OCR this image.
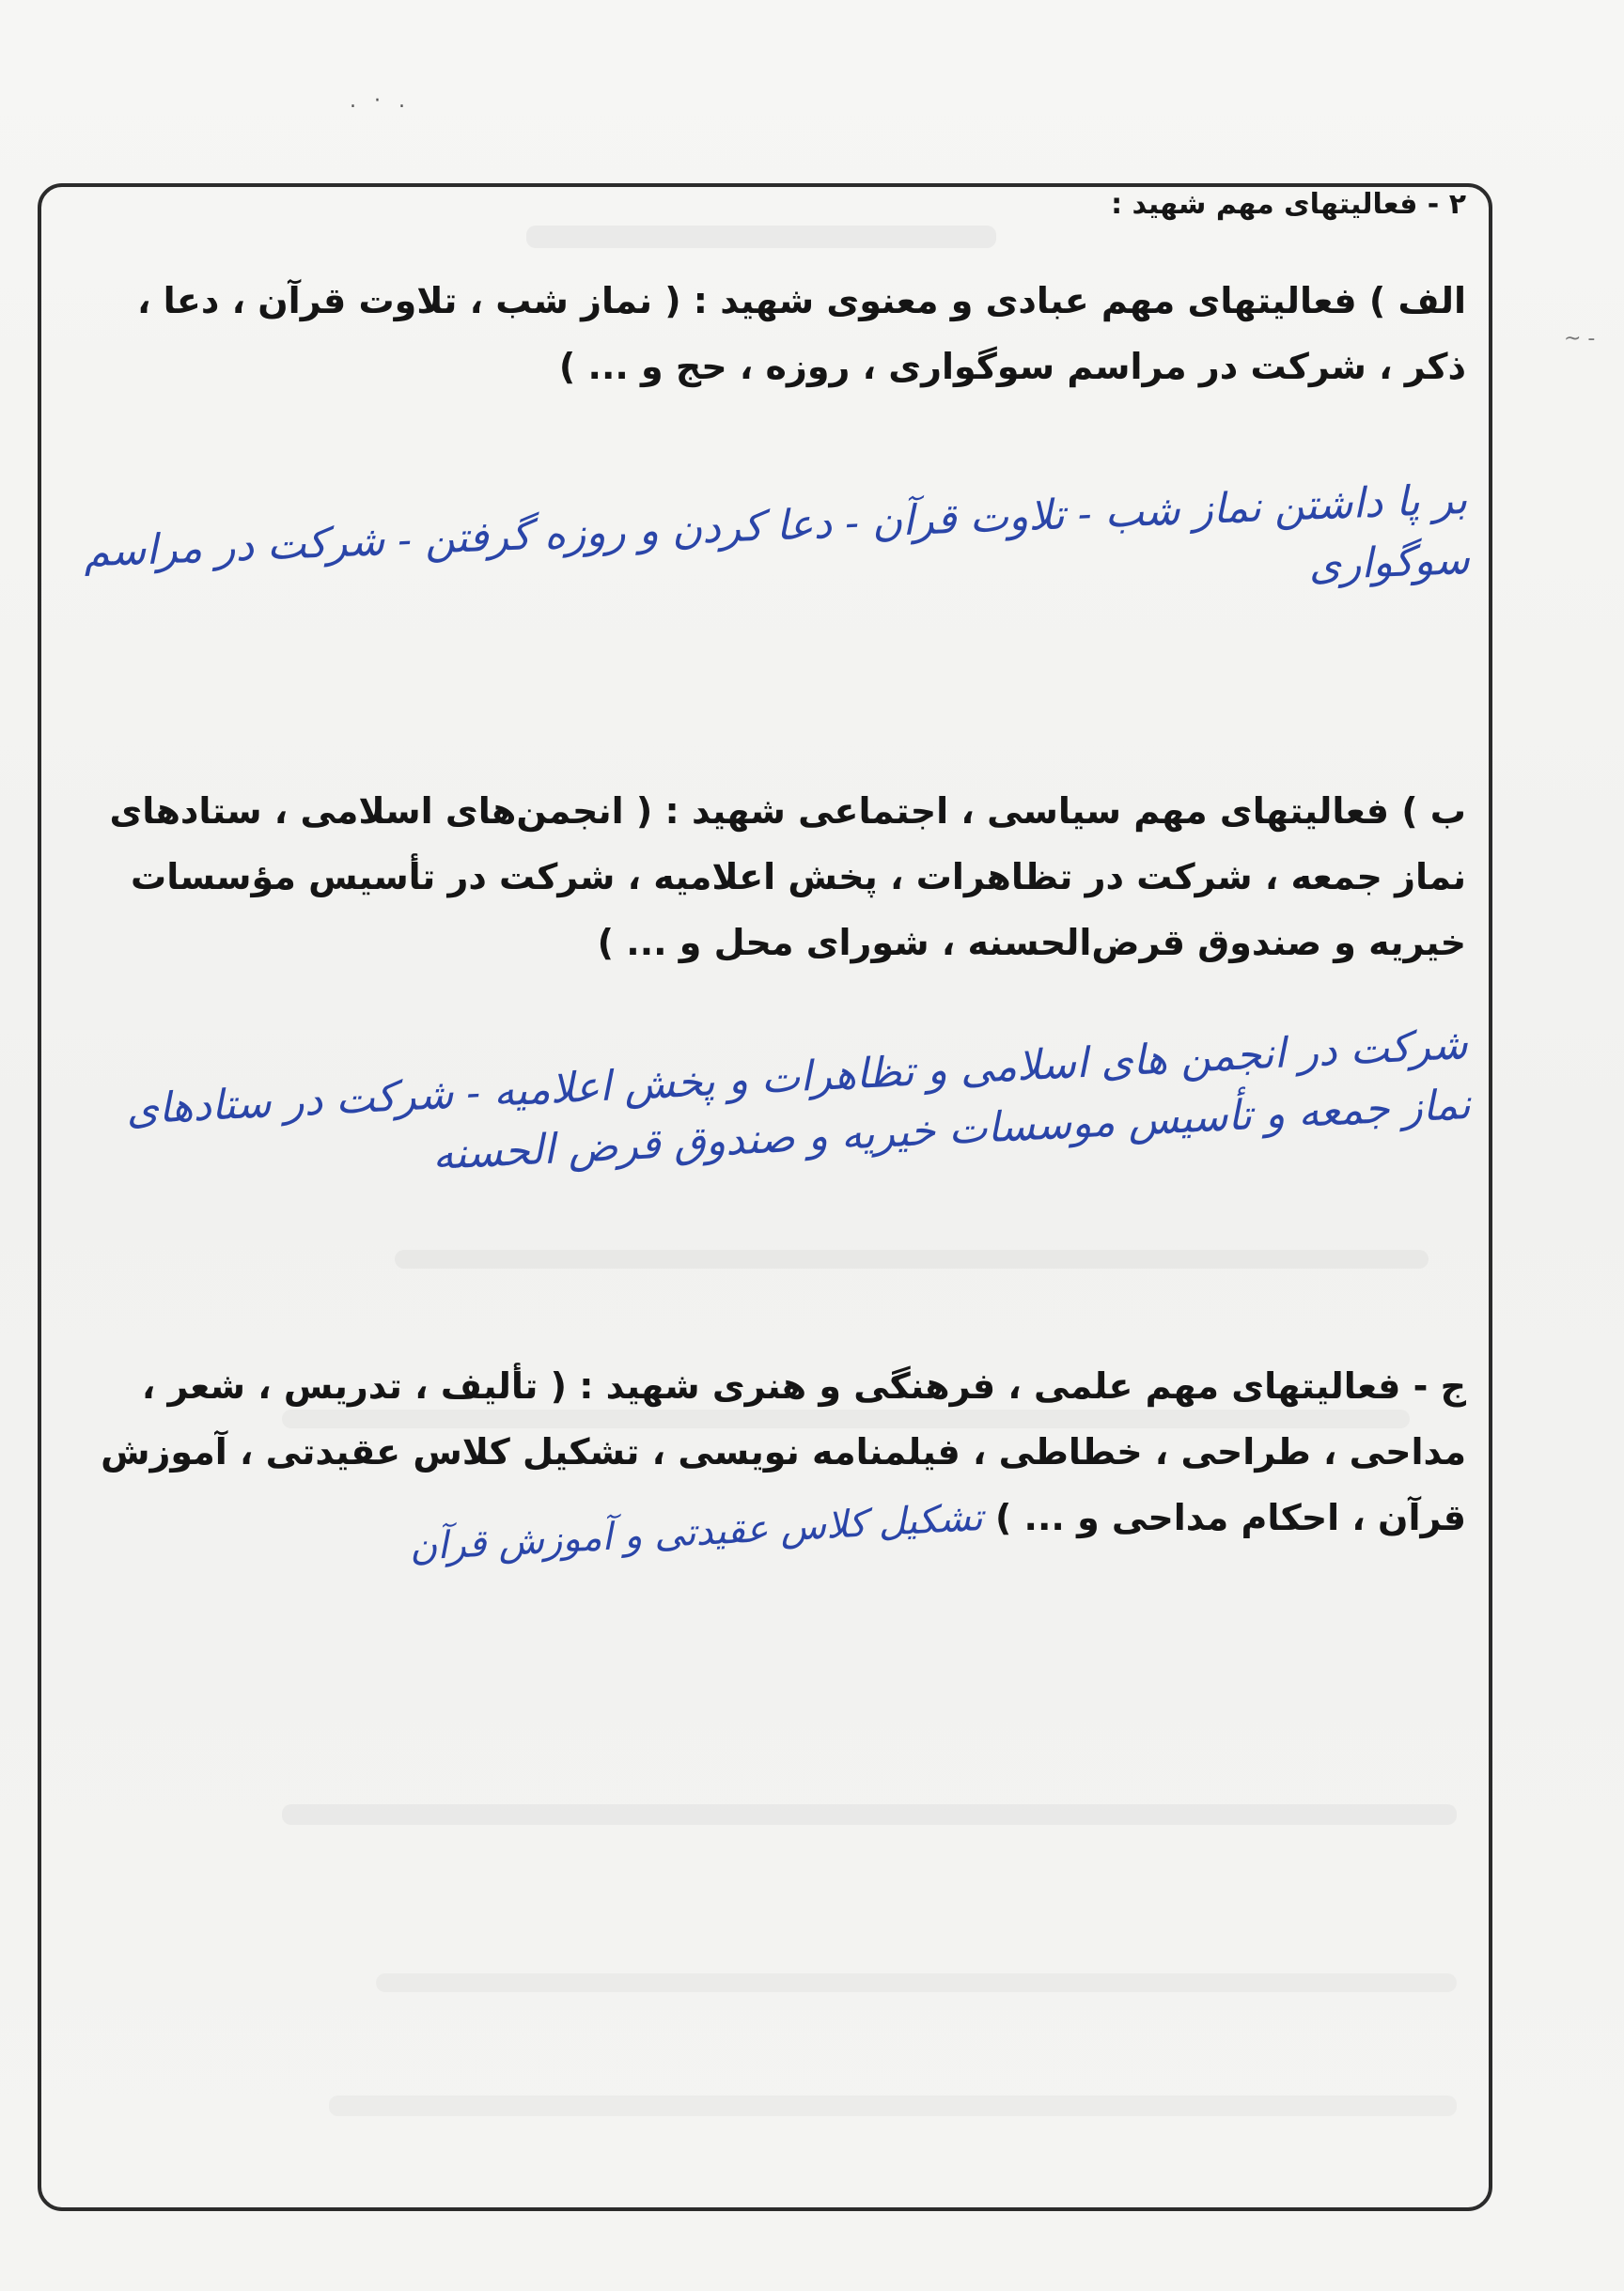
. · .
~ -
۲ - فعالیتهای مهم شهید :
الف ) فعالیتهای مهم عبادی و معنوی شهید : ( نماز شب ، تلاوت قرآن ، دعا ، ذکر ، شرکت در مراسم سوگواری ، روزه ، حج و ... )
بر پا داشتن نماز شب - تلاوت قرآن - دعا کردن و روزه گرفتن - شرکت در مراسم سوگواری
ب ) فعالیتهای مهم سیاسی ، اجتماعی شهید : ( انجمن‌های اسلامی ، ستادهای نماز جمعه ، شرکت در تظاهرات ، پخش اعلامیه ، شرکت در تأسیس مؤسسات خیریه و صندوق قرض‌الحسنه ، شورای محل و ... )
شرکت در انجمن های اسلامی و تظاهرات و پخش اعلامیه - شرکت در ستادهای نماز جمعه و تأسیس موسسات خیریه و صندوق قرض الحسنه
ج - فعالیتهای مهم علمی ، فرهنگی و هنری شهید : ( تألیف ، تدریس ، شعر ، مداحی ، طراحی ، خطاطی ، فیلمنامه نویسی ، تشکیل کلاس عقیدتی ، آموزش قرآن ، احکام مداحی و ... ) تشکیل کلاس عقیدتی و آموزش قرآن
